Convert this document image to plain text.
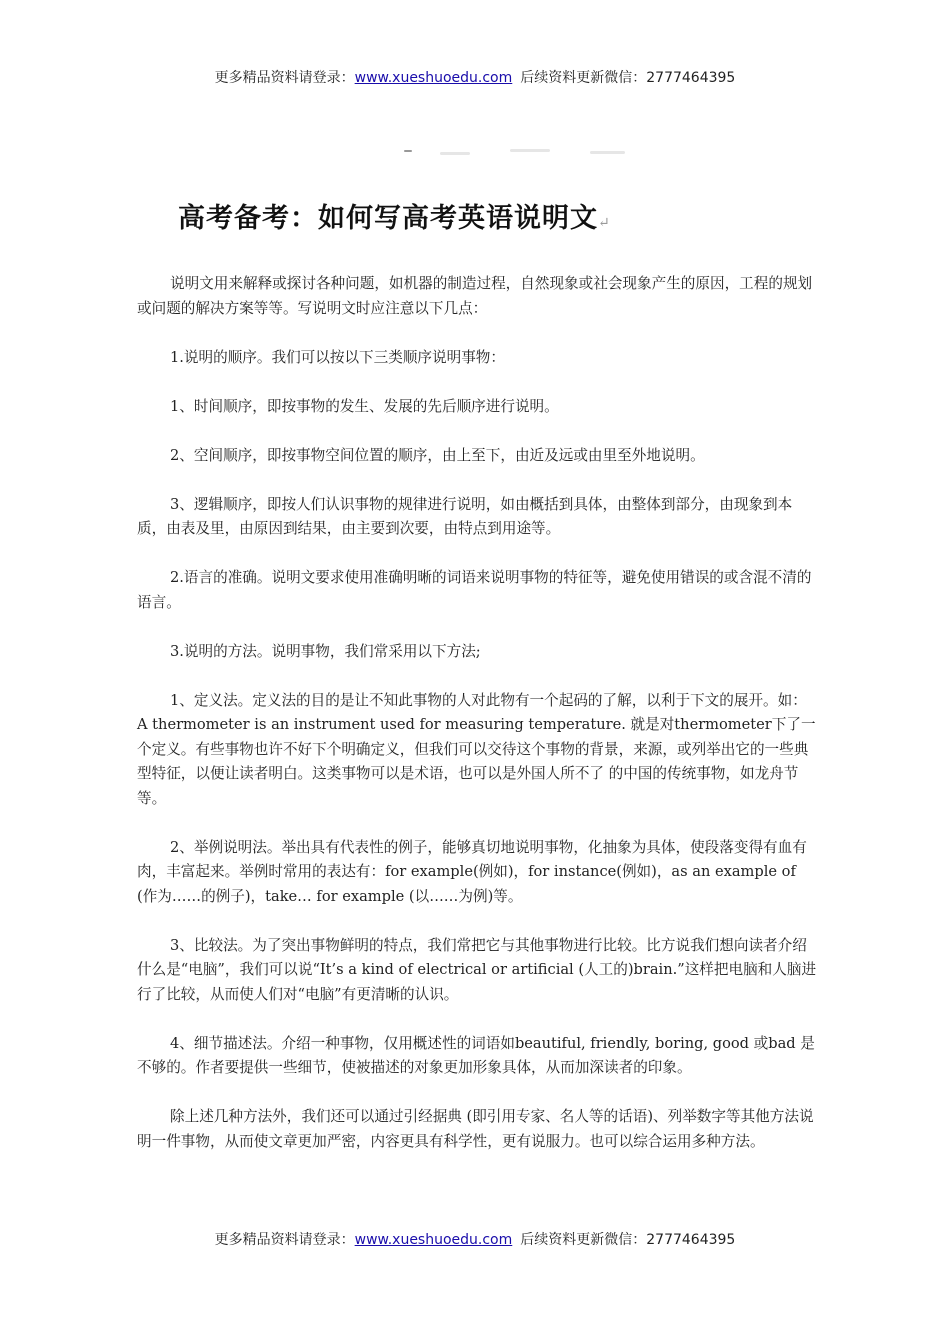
更多精品资料请登录：www.xueshuoedu.com 后续资料更新微信：2777464395
高考备考：如何写高考英语说明文↵

说明文用来解释或探讨各种问题，如机器的制造过程，自然现象或社会现象产生的原因，工程的规划或问题的解决方案等等。写说明文时应注意以下几点：

1.说明的顺序。我们可以按以下三类顺序说明事物：

1、时间顺序，即按事物的发生、发展的先后顺序进行说明。

2、空间顺序，即按事物空间位置的顺序，由上至下，由近及远或由里至外地说明。

3、逻辑顺序，即按人们认识事物的规律进行说明，如由概括到具体，由整体到部分，由现象到本质，由表及里，由原因到结果，由主要到次要，由特点到用途等。

2.语言的准确。说明文要求使用准确明晰的词语来说明事物的特征等，避免使用错误的或含混不清的语言。

3.说明的方法。说明事物，我们常采用以下方法;

1、定义法。定义法的目的是让不知此事物的人对此物有一个起码的了解，以利于下文的展开。如：A thermometer is an instrument used for measuring temperature. 就是对thermometer下了一个定义。有些事物也许不好下个明确定义，但我们可以交待这个事物的背景，来源，或列举出它的一些典型特征，以便让读者明白。这类事物可以是术语，也可以是外国人所不了 的中国的传统事物，如龙舟节等。

2、举例说明法。举出具有代表性的例子，能够真切地说明事物，化抽象为具体，使段落变得有血有肉，丰富起来。举例时常用的表达有：for example(例如)，for instance(例如)，as an example of (作为……的例子)，take… for example (以……为例)等。

3、比较法。为了突出事物鲜明的特点，我们常把它与其他事物进行比较。比方说我们想向读者介绍什么是“电脑”，我们可以说“It’s a kind of electrical or artificial (人工的)brain.”这样把电脑和人脑进行了比较，从而使人们对“电脑”有更清晰的认识。

4、细节描述法。介绍一种事物，仅用概述性的词语如beautiful, friendly, boring, good 或bad 是不够的。作者要提供一些细节，使被描述的对象更加形象具体，从而加深读者的印象。

除上述几种方法外，我们还可以通过引经据典 (即引用专家、名人等的话语)、列举数字等其他方法说明一件事物，从而使文章更加严密，内容更具有科学性，更有说服力。也可以综合运用多种方法。

更多精品资料请登录：www.xueshuoedu.com 后续资料更新微信：2777464395
